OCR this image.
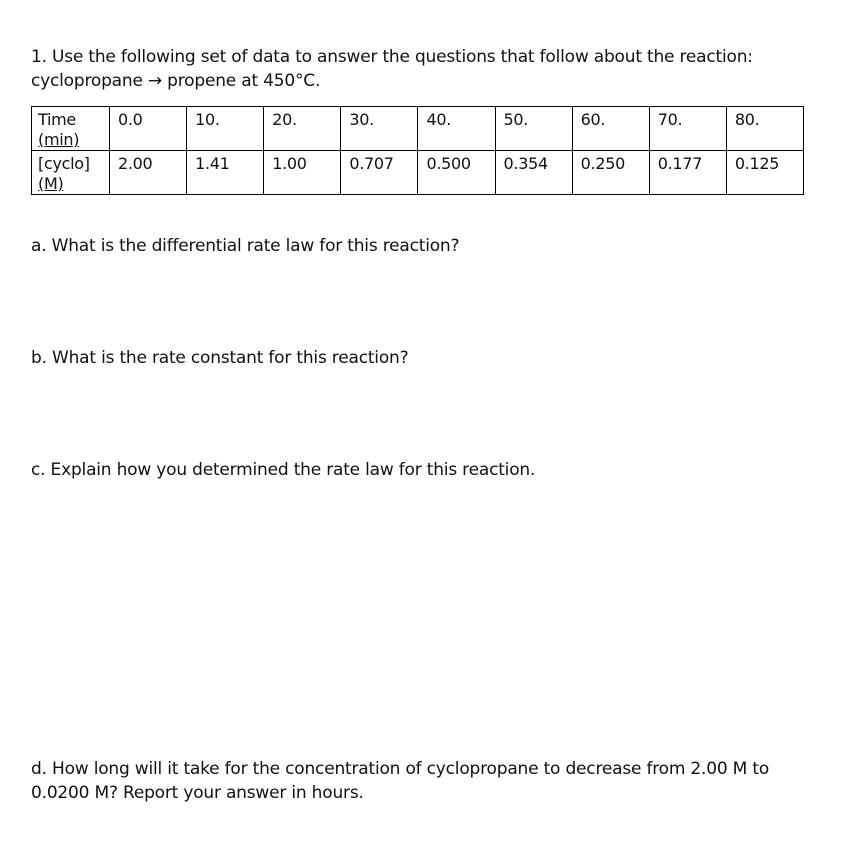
1. Use the following set of data to answer the questions that follow about the reaction:

cyclopropane → propene at 450°C.

Time
(min)	0.0	10.	20.	30.	40.	50.	60.	70.	80.
[cyclo]
(M)	2.00	1.41	1.00	0.707	0.500	0.354	0.250	0.177	0.125

a. What is the differential rate law for this reaction?

b. What is the rate constant for this reaction?

c. Explain how you determined the rate law for this reaction.

d. How long will it take for the concentration of cyclopropane to decrease from 2.00 M to 0.0200 M? Report your answer in hours.
